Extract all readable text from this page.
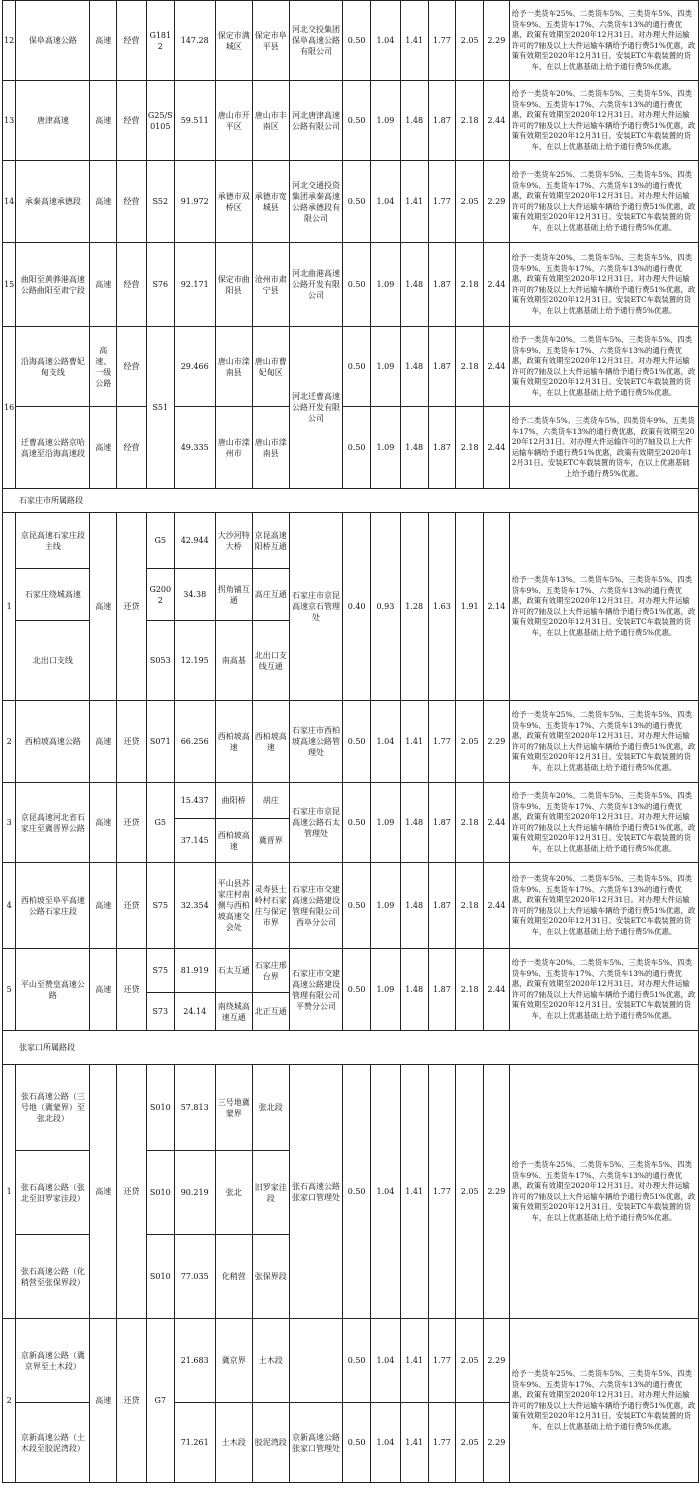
12	保阜高速公路	高速	经营	G1812	147.28	保定市满城区	保定市阜平县	河北交投集团保阜高速公路有限公司	0.50	1.04	1.41	1.77	2.05	2.29	给予一类货车25%、二类货车5%、三类货车5%、四类货车9%、五类货车17%、六类货车13%的通行费优惠，政策有效期至2020年12月31日。对办理大件运输许可的7轴及以上大件运输车辆给予通行费51%优惠，政策有效期至2020年12月31日。安装ETC车载装置的货车，在以上优惠基础上给予通行费5%优惠。
13	唐津高速	高速	经营	G25/S0105	59.511	唐山市开平区	唐山市丰南区	河北唐津高速公路有限公司	0.50	1.09	1.48	1.87	2.18	2.44	给予一类货车20%、二类货车5%、三类货车5%、四类货车9%、五类货车17%、六类货车13%的通行费优惠，政策有效期至2020年12月31日。对办理大件运输许可的7轴及以上大件运输车辆给予通行费51%优惠，政策有效期至2020年12月31日。安装ETC车载装置的货车，在以上优惠基础上给予通行费5%优惠。
14	承秦高速承德段	高速	经营	S52	91.972	承德市双桥区	承德市宽城县	河北交通投资集团承秦高速公路承德段有限公司	0.50	1.04	1.41	1.77	2.05	2.29	给予一类货车25%、二类货车5%、三类货车5%、四类货车9%、五类货车17%、六类货车13%的通行费优惠，政策有效期至2020年12月31日。对办理大件运输许可的7轴及以上大件运输车辆给予通行费51%优惠，政策有效期至2020年12月31日。安装ETC车载装置的货车，在以上优惠基础上给予通行费5%优惠。
15	曲阳至黄骅港高速公路曲阳至肃宁段	高速	经营	S76	92.171	保定市曲阳县	沧州市肃宁县	河北曲港高速公路开发有限公司	0.50	1.09	1.48	1.87	2.18	2.44	给予一类货车20%、二类货车5%、三类货车5%、四类货车9%、五类货车17%、六类货车13%的通行费优惠，政策有效期至2020年12月31日。对办理大件运输许可的7轴及以上大件运输车辆给予通行费51%优惠，政策有效期至2020年12月31日。安装ETC车载装置的货车，在以上优惠基础上给予通行费5%优惠。
16	沿海高速公路曹妃甸支线	高速、一级公路	经营	S51	29.466	唐山市滦南县	唐山市曹妃甸区	河北迁曹高速公路开发有限公司	0.50	1.09	1.48	1.87	2.18	2.44	给予一类货车20%、二类货车5%、三类货车5%、四类货车9%、五类货车17%、六类货车13%的通行费优惠，政策有效期至2020年12月31日。对办理大件运输许可的7轴及以上大件运输车辆给予通行费51%优惠，政策有效期至2020年12月31日。安装ETC车载装置的货车，在以上优惠基础上给予通行费5%优惠。
	迁曹高速公路京哈高速至沿海高速段	高速	经营		49.335	唐山市滦州市	唐山市滦南县		0.50	1.09	1.48	1.87	2.18	2.44	给予二类货车5%、三类货车5%、四类货车9%、五类货车17%、六类货车13%的通行费优惠，政策有效期至2020年12月31日。对办理大件运输许可的7轴及以上大件运输车辆给予通行费51%优惠，政策有效期至2020年12月31日。安装ETC车载装置的货车，在以上优惠基础上给予通行费5%优惠。
石家庄市所属路段															
1	京昆高速石家庄段主线	高速	还贷	G5	42.944	大沙河特大桥	京昆高速阳桥互通	石家庄市京昆高速京石管理处	0.40	0.93	1.28	1.63	1.91	2.14	给予一类货车13%、二类货车5%、三类货车5%、四类货车9%、五类货车17%、六类货车13%的通行费优惠，政策有效期至2020年12月31日。对办理大件运输许可的7轴及以上大件运输车辆给予通行费51%优惠，政策有效期至2020年12月31日。安装ETC车载装置的货车，在以上优惠基础上给予通行费5%优惠。
	石家庄绕城高速			G2002	34.38	拐角铺互通	高庄互通								
	北出口支线			S053	12.195	南高基	北出口支线互通								
2	西柏坡高速公路	高速	还贷	S071	66.256	西柏坡高速	西柏坡高速	石家庄市西柏坡高速公路管理处	0.50	1.04	1.41	1.77	2.05	2.29	给予一类货车25%、二类货车5%、三类货车5%、四类货车9%、五类货车17%、六类货车13%的通行费优惠，政策有效期至2020年12月31日。对办理大件运输许可的7轴及以上大件运输车辆给予通行费51%优惠，政策有效期至2020年12月31日。安装ETC车载装置的货车，在以上优惠基础上给予通行费5%优惠。
3	京昆高速河北省石家庄至冀晋界公路	高速	还贷	G5	15.437	曲阳桥	胡庄	石家庄市京昆高速公路石太管理处	0.50	1.09	1.48	1.87	2.18	2.44	给予一类货车20%、二类货车5%、三类货车5%、四类货车9%、五类货车17%、六类货车13%的通行费优惠，政策有效期至2020年12月31日。对办理大件运输许可的7轴及以上大件运输车辆给予通行费51%优惠，政策有效期至2020年12月31日。安装ETC车载装置的货车，在以上优惠基础上给予通行费5%优惠。
					37.145	西柏坡高速	冀晋界								
4	西柏坡至阜平高速公路石家庄段	高速	还贷	S75	32.354	平山县苏家庄村南侧与西柏坡高速交会处	灵寿县土岭村石家庄与保定市界	石家庄市交建高速公路建设管理有限公司西阜分公司	0.50	1.09	1.48	1.87	2.18	2.44	给予一类货车20%、二类货车5%、三类货车5%、四类货车9%、五类货车17%、六类货车13%的通行费优惠，政策有效期至2020年12月31日。对办理大件运输许可的7轴及以上大件运输车辆给予通行费51%优惠，政策有效期至2020年12月31日。安装ETC车载装置的货车，在以上优惠基础上给予通行费5%优惠。
5	平山至赞皇高速公路	高速	还贷	S75	81.919	石太互通	石家庄邢台界	石家庄市交建高速公路建设管理有限公司平赞分公司	0.50	1.09	1.48	1.87	2.18	2.44	给予一类货车20%、二类货车5%、三类货车5%、四类货车9%、五类货车17%、六类货车13%的通行费优惠，政策有效期至2020年12月31日。对办理大件运输许可的7轴及以上大件运输车辆给予通行费51%优惠，政策有效期至2020年12月31日。安装ETC车载装置的货车，在以上优惠基础上给予通行费5%优惠。
				S73	24.14	南绕城高速互通	北正互通								
张家口所属路段															
1	张石高速公路（三号地（冀蒙界）至张北段）	高速	还贷	S010	57.813	三号地冀蒙界	张北段	张石高速公路张家口管理处	0.50	1.04	1.41	1.77	2.05	2.29	给予一类货车25%、二类货车5%、三类货车5%、四类货车9%、五类货车17%、六类货车13%的通行费优惠，政策有效期至2020年12月31日。对办理大件运输许可的7轴及以上大件运输车辆给予通行费51%优惠，政策有效期至2020年12月31日。安装ETC车载装置的货车，在以上优惠基础上给予通行费5%优惠。
	张石高速公路（张北至旧罗家洼段）			S010	90.219	张北	旧罗家洼段								
	张石高速公路（化稍营至张保界段）			S010	77.035	化稍营	张保界段								
2	京新高速公路（冀京界至土木段）	高速	还贷	G7	21.683	冀京界	土木段		0.50	1.04	1.41	1.77	2.05	2.29	给予一类货车25%、二类货车5%、三类货车5%、四类货车9%、五类货车17%、六类货车13%的通行费优惠，政策有效期至2020年12月31日。对办理大件运输许可的7轴及以上大件运输车辆给予通行费51%优惠，政策有效期至2020年12月31日。安装ETC车载装置的货车，在以上优惠基础上给予通行费5%优惠。
	京新高速公路（土木段至胶泥湾段）				71.261	土木段	胶泥湾段	京新高速公路张家口管理处	0.50	1.04	1.41	1.77	2.05	2.29	
